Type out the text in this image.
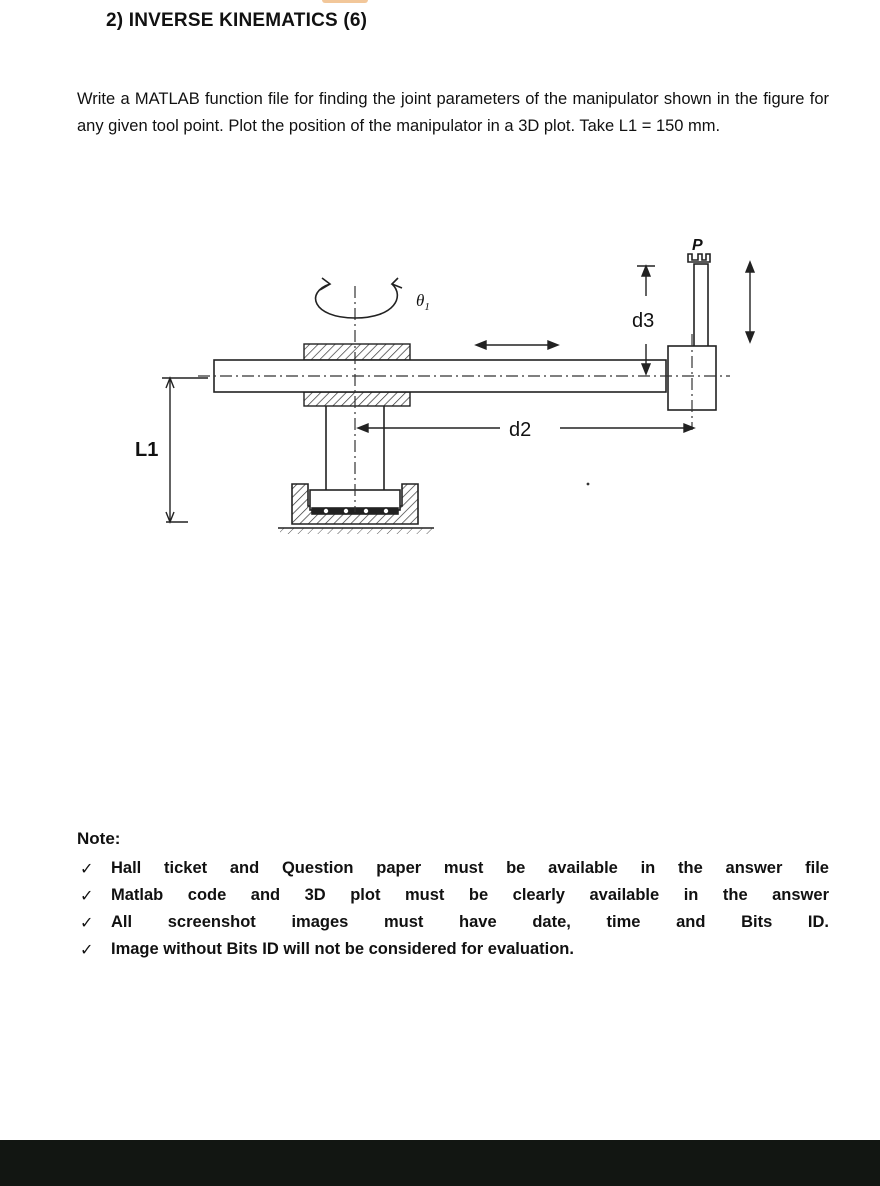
2) INVERSE KINEMATICS (6)
Write a MATLAB function file for finding the joint parameters of the manipulator shown in the figure for any given tool point. Plot the position of the manipulator in a 3D plot. Take L1 = 150 mm.
P
$\theta_1$
d3
d2
L1
Note:
✓	Hall ticket and Question paper must be available in the answer file
✓	Matlab code and 3D plot must be clearly available in the answer
✓	All screenshot images must have date, time and Bits ID.
✓	Image without Bits ID will not be considered for evaluation.
